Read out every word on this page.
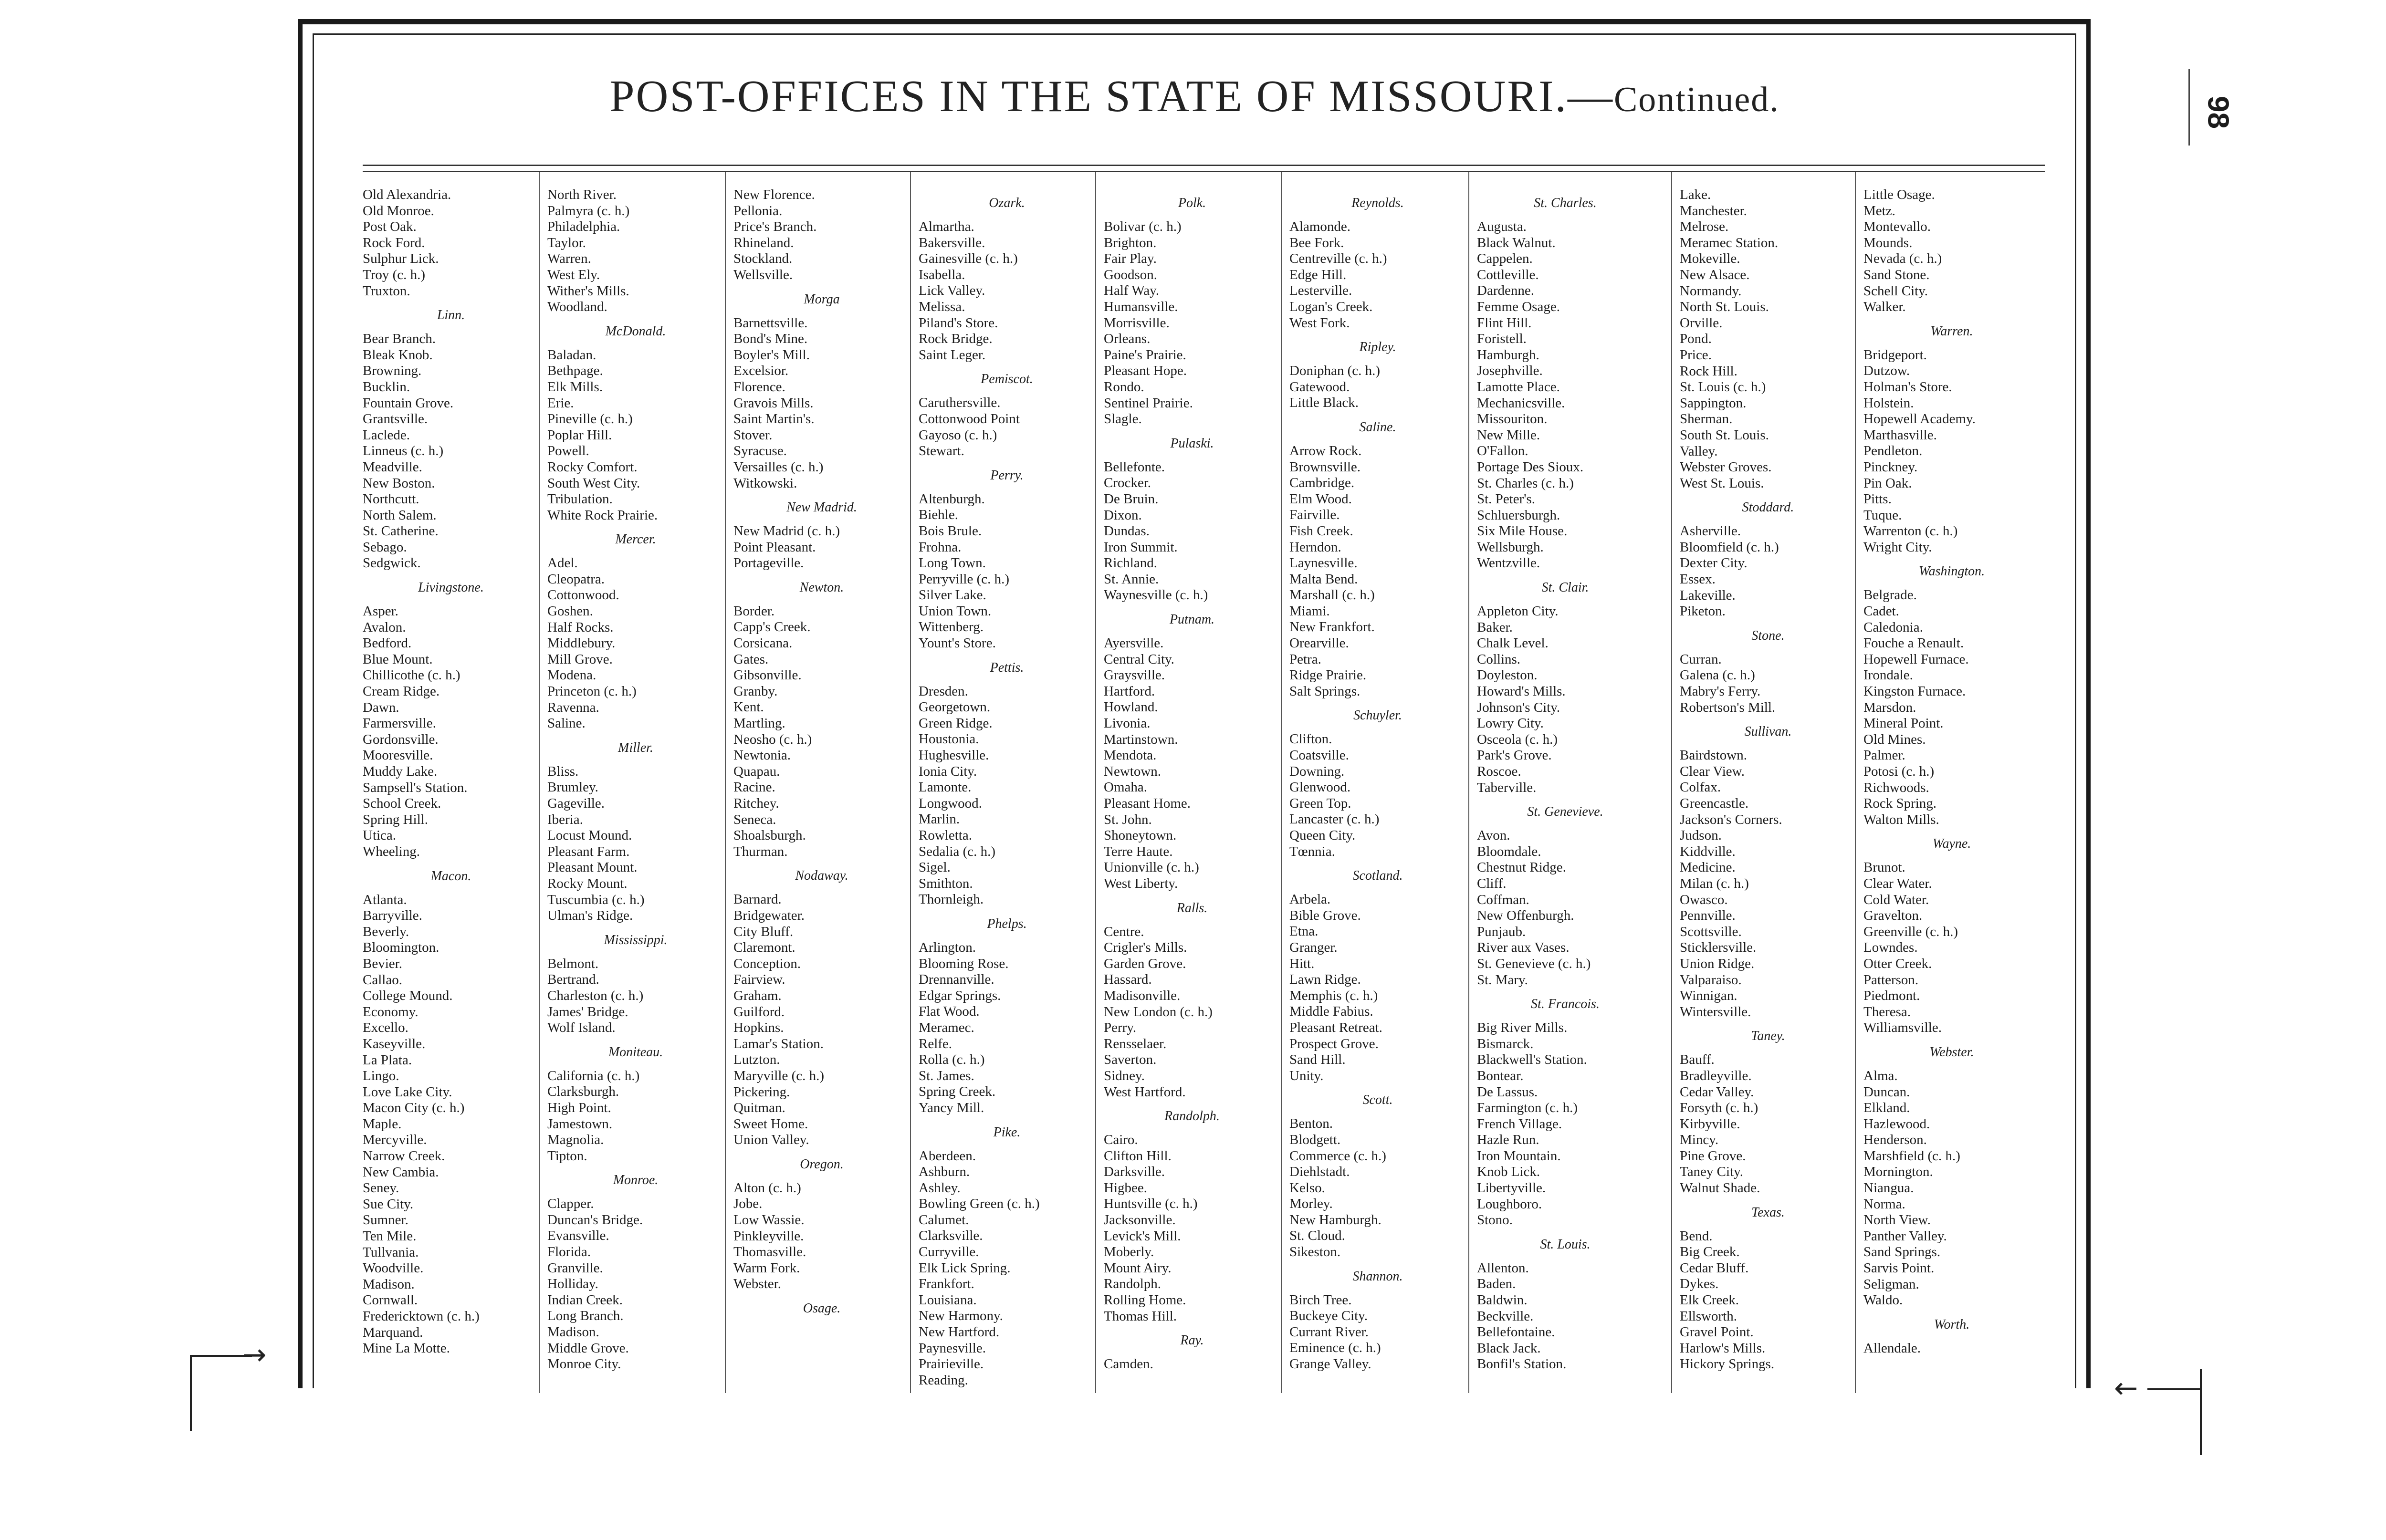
POST-OFFICES IN THE STATE OF MISSOURI.—Continued.	98
Old Alexandria.
Old Monroe.
Post Oak.
Rock Ford.
Sulphur Lick.
Troy (c. h.)
Truxton.
Linn.
Bear Branch.
Bleak Knob.
Browning.
Bucklin.
Fountain Grove.
Grantsville.
Laclede.
Linneus (c. h.)
Meadville.
New Boston.
Northcutt.
North Salem.
St. Catherine.
Sebago.
Sedgwick.
Livingstone.
Asper.
Avalon.
Bedford.
Blue Mount.
Chillicothe (c. h.)
Cream Ridge.
Dawn.
Farmersville.
Gordonsville.
Mooresville.
Muddy Lake.
Sampsell's Station.
School Creek.
Spring Hill.
Utica.
Wheeling.
Macon.
Atlanta.
Barryville.
Beverly.
Bloomington.
Bevier.
Callao.
College Mound.
Economy.
Excello.
Kaseyville.
La Plata.
Lingo.
Love Lake City.
Macon City (c. h.)
Maple.
Mercyville.
Narrow Creek.
New Cambia.
Seney.
Sue City.
Sumner.
Ten Mile.
Tullvania.
Woodville.
Madison.
Cornwall.
Fredericktown (c. h.)
Marquand.
Mine La Motte.
North River.
Palmyra (c. h.)
Philadelphia.
Taylor.
Warren.
West Ely.
Wither's Mills.
Woodland.
McDonald.
Baladan.
Bethpage.
Elk Mills.
Erie.
Pineville (c. h.)
Poplar Hill.
Powell.
Rocky Comfort.
South West City.
Tribulation.
White Rock Prairie.
Mercer.
Adel.
Cleopatra.
Cottonwood.
Goshen.
Half Rocks.
Middlebury.
Mill Grove.
Modena.
Princeton (c. h.)
Ravenna.
Saline.
Miller.
Bliss.
Brumley.
Gageville.
Iberia.
Locust Mound.
Pleasant Farm.
Pleasant Mount.
Rocky Mount.
Tuscumbia (c. h.)
Ulman's Ridge.
Mississippi.
Belmont.
Bertrand.
Charleston (c. h.)
James' Bridge.
Wolf Island.
Moniteau.
California (c. h.)
Clarksburgh.
High Point.
Jamestown.
Magnolia.
Tipton.
Monroe.
Clapper.
Duncan's Bridge.
Evansville.
Florida.
Granville.
Holliday.
Indian Creek.
Long Branch.
Madison.
Middle Grove.
Monroe City.
New Florence.
Pellonia.
Price's Branch.
Rhineland.
Stockland.
Wellsville.
Morga
Barnettsville.
Bond's Mine.
Boyler's Mill.
Excelsior.
Florence.
Gravois Mills.
Saint Martin's.
Stover.
Syracuse.
Versailles (c. h.)
Witkowski.
New Madrid.
New Madrid (c. h.)
Point Pleasant.
Portageville.
Newton.
Border.
Capp's Creek.
Corsicana.
Gates.
Gibsonville.
Granby.
Kent.
Martling.
Neosho (c. h.)
Newtonia.
Quapau.
Racine.
Ritchey.
Seneca.
Shoalsburgh.
Thurman.
Nodaway.
Barnard.
Bridgewater.
City Bluff.
Claremont.
Conception.
Fairview.
Graham.
Guilford.
Hopkins.
Lamar's Station.
Lutzton.
Maryville (c. h.)
Pickering.
Quitman.
Sweet Home.
Union Valley.
Oregon.
Alton (c. h.)
Jobe.
Low Wassie.
Pinkleyville.
Thomasville.
Warm Fork.
Webster.
Osage.
Ozark.
Almartha.
Bakersville.
Gainesville (c. h.)
Isabella.
Lick Valley.
Melissa.
Piland's Store.
Rock Bridge.
Saint Leger.
Pemiscot.
Caruthersville.
Cottonwood Point
Gayoso (c. h.)
Stewart.
Perry.
Altenburgh.
Biehle.
Bois Brule.
Frohna.
Long Town.
Perryville (c. h.)
Silver Lake.
Union Town.
Wittenberg.
Yount's Store.
Pettis.
Dresden.
Georgetown.
Green Ridge.
Houstonia.
Hughesville.
Ionia City.
Lamonte.
Longwood.
Marlin.
Rowletta.
Sedalia (c. h.)
Sigel.
Smithton.
Thornleigh.
Phelps.
Arlington.
Blooming Rose.
Drennanville.
Edgar Springs.
Flat Wood.
Meramec.
Relfe.
Rolla (c. h.)
St. James.
Spring Creek.
Yancy Mill.
Pike.
Aberdeen.
Ashburn.
Ashley.
Bowling Green (c. h.)
Calumet.
Clarksville.
Curryville.
Elk Lick Spring.
Frankfort.
Louisiana.
New Harmony.
New Hartford.
Paynesville.
Prairieville.
Reading.
Polk.
Bolivar (c. h.)
Brighton.
Fair Play.
Goodson.
Half Way.
Humansville.
Morrisville.
Orleans.
Paine's Prairie.
Pleasant Hope.
Rondo.
Sentinel Prairie.
Slagle.
Pulaski.
Bellefonte.
Crocker.
De Bruin.
Dixon.
Dundas.
Iron Summit.
Richland.
St. Annie.
Waynesville (c. h.)
Putnam.
Ayersville.
Central City.
Graysville.
Hartford.
Howland.
Livonia.
Martinstown.
Mendota.
Newtown.
Omaha.
Pleasant Home.
St. John.
Shoneytown.
Terre Haute.
Unionville (c. h.)
West Liberty.
Ralls.
Centre.
Crigler's Mills.
Garden Grove.
Hassard.
Madisonville.
New London (c. h.)
Perry.
Rensselaer.
Saverton.
Sidney.
West Hartford.
Randolph.
Cairo.
Clifton Hill.
Darksville.
Higbee.
Huntsville (c. h.)
Jacksonville.
Levick's Mill.
Moberly.
Mount Airy.
Randolph.
Rolling Home.
Thomas Hill.
Ray.
Camden.
Reynolds.
Alamonde.
Bee Fork.
Centreville (c. h.)
Edge Hill.
Lesterville.
Logan's Creek.
West Fork.
Ripley.
Doniphan (c. h.)
Gatewood.
Little Black.
Saline.
Arrow Rock.
Brownsville.
Cambridge.
Elm Wood.
Fairville.
Fish Creek.
Herndon.
Laynesville.
Malta Bend.
Marshall (c. h.)
Miami.
New Frankfort.
Orearville.
Petra.
Ridge Prairie.
Salt Springs.
Schuyler.
Clifton.
Coatsville.
Downing.
Glenwood.
Green Top.
Lancaster (c. h.)
Queen City.
Tœnnia.
Scotland.
Arbela.
Bible Grove.
Etna.
Granger.
Hitt.
Lawn Ridge.
Memphis (c. h.)
Middle Fabius.
Pleasant Retreat.
Prospect Grove.
Sand Hill.
Unity.
Scott.
Benton.
Blodgett.
Commerce (c. h.)
Diehlstadt.
Kelso.
Morley.
New Hamburgh.
St. Cloud.
Sikeston.
Shannon.
Birch Tree.
Buckeye City.
Currant River.
Eminence (c. h.)
Grange Valley.
St. Charles.
Augusta.
Black Walnut.
Cappelen.
Cottleville.
Dardenne.
Femme Osage.
Flint Hill.
Foristell.
Hamburgh.
Josephville.
Lamotte Place.
Mechanicsville.
Missouriton.
New Mille.
O'Fallon.
Portage Des Sioux.
St. Charles (c. h.)
St. Peter's.
Schluersburgh.
Six Mile House.
Wellsburgh.
Wentzville.
St. Clair.
Appleton City.
Baker.
Chalk Level.
Collins.
Doyleston.
Howard's Mills.
Johnson's City.
Lowry City.
Osceola (c. h.)
Park's Grove.
Roscoe.
Taberville.
St. Genevieve.
Avon.
Bloomdale.
Chestnut Ridge.
Cliff.
Coffman.
New Offenburgh.
Punjaub.
River aux Vases.
St. Genevieve (c. h.)
St. Mary.
St. Francois.
Big River Mills.
Bismarck.
Blackwell's Station.
Bontear.
De Lassus.
Farmington (c. h.)
French Village.
Hazle Run.
Iron Mountain.
Knob Lick.
Libertyville.
Loughboro.
Stono.
St. Louis.
Allenton.
Baden.
Baldwin.
Beckville.
Bellefontaine.
Black Jack.
Bonfil's Station.
Lake.
Manchester.
Melrose.
Meramec Station.
Mokeville.
New Alsace.
Normandy.
North St. Louis.
Orville.
Pond.
Price.
Rock Hill.
St. Louis (c. h.)
Sappington.
Sherman.
South St. Louis.
Valley.
Webster Groves.
West St. Louis.
Stoddard.
Asherville.
Bloomfield (c. h.)
Dexter City.
Essex.
Lakeville.
Piketon.
Stone.
Curran.
Galena (c. h.)
Mabry's Ferry.
Robertson's Mill.
Sullivan.
Bairdstown.
Clear View.
Colfax.
Greencastle.
Jackson's Corners.
Judson.
Kiddville.
Medicine.
Milan (c. h.)
Owasco.
Pennville.
Scottsville.
Sticklersville.
Union Ridge.
Valparaiso.
Winnigan.
Wintersville.
Taney.
Bauff.
Bradleyville.
Cedar Valley.
Forsyth (c. h.)
Kirbyville.
Mincy.
Pine Grove.
Taney City.
Walnut Shade.
Texas.
Bend.
Big Creek.
Cedar Bluff.
Dykes.
Elk Creek.
Ellsworth.
Gravel Point.
Harlow's Mills.
Hickory Springs.
Little Osage.
Metz.
Montevallo.
Mounds.
Nevada (c. h.)
Sand Stone.
Schell City.
Walker.
Warren.
Bridgeport.
Dutzow.
Holman's Store.
Holstein.
Hopewell Academy.
Marthasville.
Pendleton.
Pinckney.
Pin Oak.
Pitts.
Tuque.
Warrenton (c. h.)
Wright City.
Washington.
Belgrade.
Cadet.
Caledonia.
Fouche a Renault.
Hopewell Furnace.
Irondale.
Kingston Furnace.
Marsdon.
Mineral Point.
Old Mines.
Palmer.
Potosi (c. h.)
Richwoods.
Rock Spring.
Walton Mills.
Wayne.
Brunot.
Clear Water.
Cold Water.
Gravelton.
Greenville (c. h.)
Lowndes.
Otter Creek.
Patterson.
Piedmont.
Theresa.
Williamsville.
Webster.
Alma.
Duncan.
Elkland.
Hazlewood.
Henderson.
Marshfield (c. h.)
Mornington.
Niangua.
Norma.
North View.
Panther Valley.
Sand Springs.
Sarvis Point.
Seligman.
Waldo.
Worth.
Allendale.
→
←
